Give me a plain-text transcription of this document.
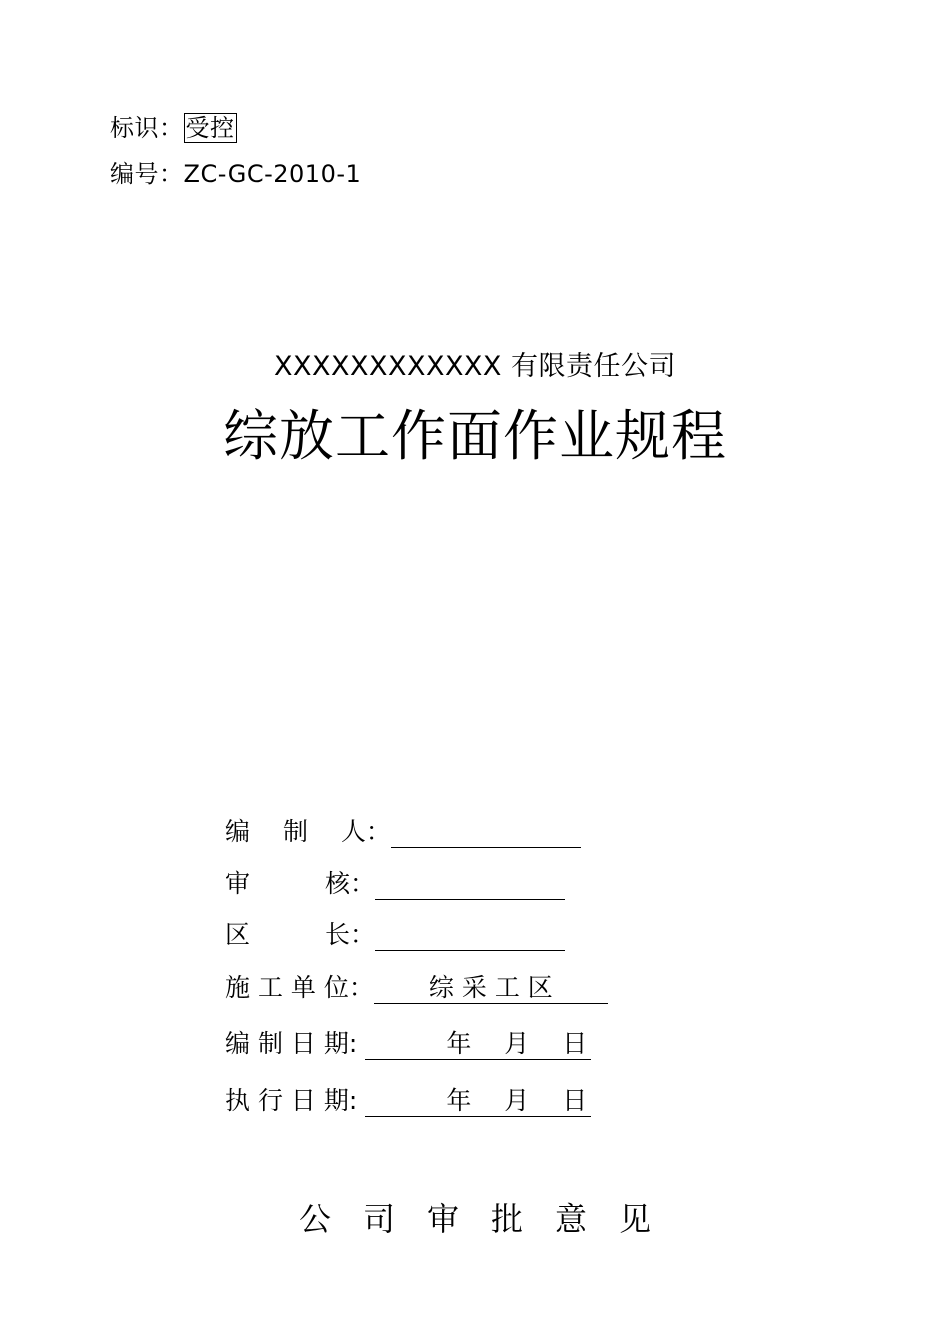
标识：受控
编号：ZC-GC-2010-1
XXXXXXXXXXXX 有限责任公司
综放工作面作业规程
编　 制　 人：
审　　　核：
区　　　长：
施 工 单 位： 综 采 工 区
编 制 日 期:	年　 月　 日
执 行 日 期:	年　 月　 日
公　司　审　批　意　见
